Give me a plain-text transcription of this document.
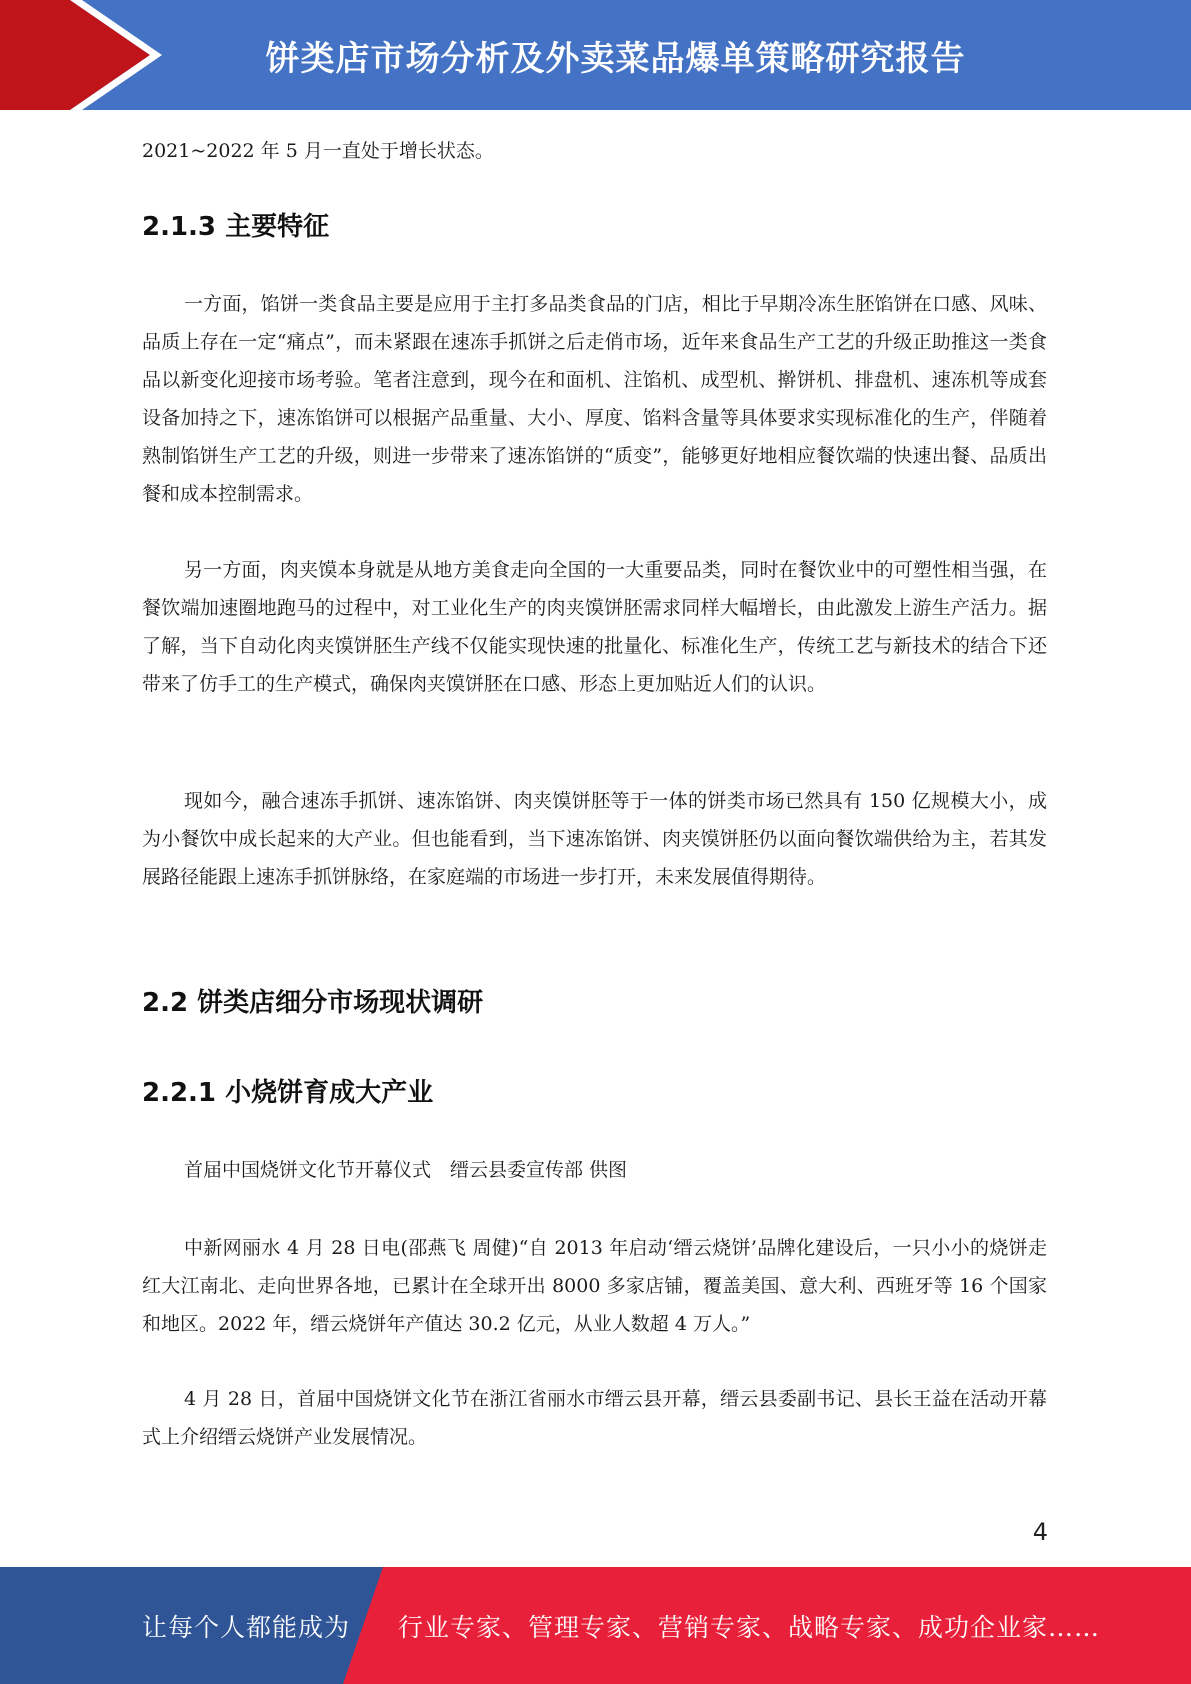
饼类店市场分析及外卖菜品爆单策略研究报告

2021~2022 年 5 月一直处于增长状态。

2.1.3 主要特征

一方面，馅饼一类食品主要是应用于主打多品类食品的门店，相比于早期冷冻生胚馅饼在口感、风味、品质上存在一定“痛点”，而未紧跟在速冻手抓饼之后走俏市场，近年来食品生产工艺的升级正助推这一类食品以新变化迎接市场考验。笔者注意到，现今在和面机、注馅机、成型机、擀饼机、排盘机、速冻机等成套设备加持之下，速冻馅饼可以根据产品重量、大小、厚度、馅料含量等具体要求实现标准化的生产，伴随着熟制馅饼生产工艺的升级，则进一步带来了速冻馅饼的“质变”，能够更好地相应餐饮端的快速出餐、品质出餐和成本控制需求。

另一方面，肉夹馍本身就是从地方美食走向全国的一大重要品类，同时在餐饮业中的可塑性相当强，在餐饮端加速圈地跑马的过程中，对工业化生产的肉夹馍饼胚需求同样大幅增长，由此激发上游生产活力。据了解，当下自动化肉夹馍饼胚生产线不仅能实现快速的批量化、标准化生产，传统工艺与新技术的结合下还带来了仿手工的生产模式，确保肉夹馍饼胚在口感、形态上更加贴近人们的认识。

现如今，融合速冻手抓饼、速冻馅饼、肉夹馍饼胚等于一体的饼类市场已然具有 150 亿规模大小，成为小餐饮中成长起来的大产业。但也能看到，当下速冻馅饼、肉夹馍饼胚仍以面向餐饮端供给为主，若其发展路径能跟上速冻手抓饼脉络，在家庭端的市场进一步打开，未来发展值得期待。

2.2 饼类店细分市场现状调研
2.2.1 小烧饼育成大产业

首届中国烧饼文化节开幕仪式　缙云县委宣传部 供图

中新网丽水 4 月 28 日电(邵燕飞 周健)“自 2013 年启动‘缙云烧饼’品牌化建设后，一只小小的烧饼走红大江南北、走向世界各地，已累计在全球开出 8000 多家店铺，覆盖美国、意大利、西班牙等 16 个国家和地区。2022 年，缙云烧饼年产值达 30.2 亿元，从业人数超 4 万人。”

4 月 28 日，首届中国烧饼文化节在浙江省丽水市缙云县开幕，缙云县委副书记、县长王益在活动开幕式上介绍缙云烧饼产业发展情况。

4
让每个人都能成为 行业专家、管理专家、营销专家、战略专家、成功企业家……
